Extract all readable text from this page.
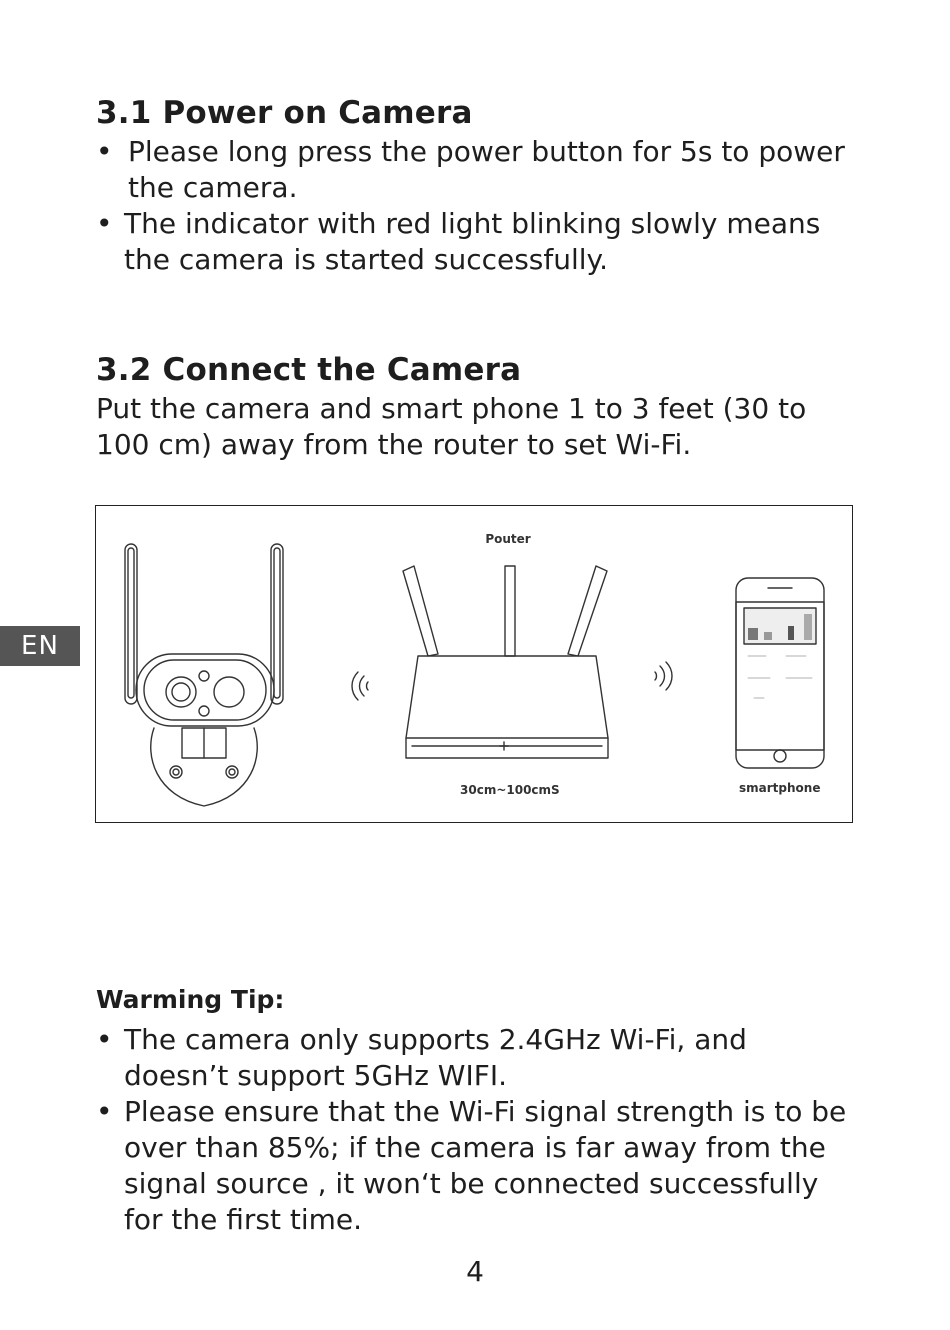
EN
3.1 Power on Camera
• Please long press the power button for 5s to power
the camera.
• The indicator with red light blinking slowly means
the camera is started successfully.
3.2 Connect the Camera

Put the camera and smart phone 1 to 3 feet (30 to
100 cm) away from the router to set Wi-Fi.

Pouter

30cm~100cmS	smartphone

Warming Tip:
• The camera only supports 2.4GHz Wi-Fi, and
doesn’t support 5GHz WIFI.
• Please ensure that the Wi-Fi signal strength is to be
over than 85%; if the camera is far away from the
signal source , it won‘t be connected successfully
for the first time.

4
